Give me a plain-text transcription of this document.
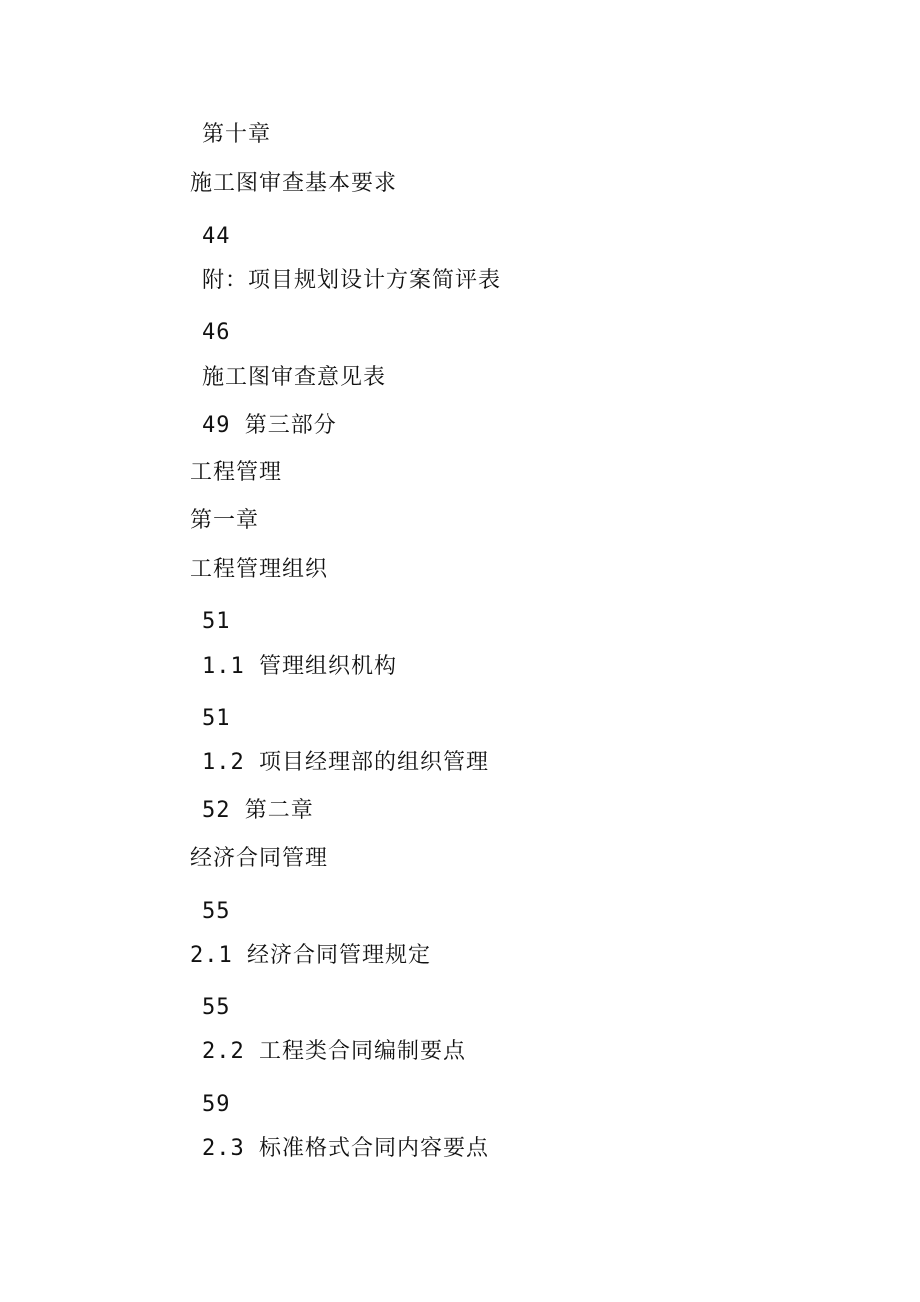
第十章
施工图审查基本要求
44
附：项目规划设计方案简评表
46
施工图审查意见表
49 第三部分
工程管理
第一章
工程管理组织
51
1.1 管理组织机构
51
1.2 项目经理部的组织管理
52 第二章
经济合同管理
55
2.1 经济合同管理规定
55
2.2 工程类合同编制要点
59
2.3 标准格式合同内容要点
